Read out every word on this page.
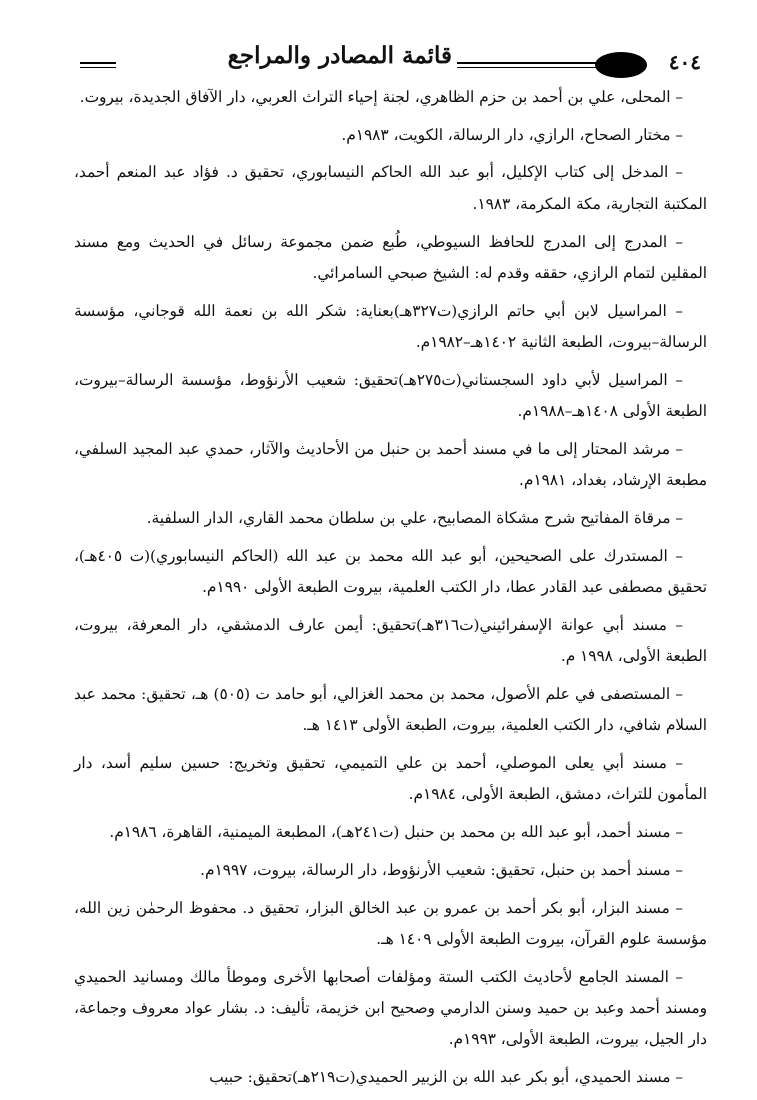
٤٠٤
قائمة المصادر والمراجع

– المحلى، علي بن أحمد بن حزم الظاهري، لجنة إحياء التراث العربي، دار الآفاق الجديدة، بيروت.

– مختار الصحاح، الرازي، دار الرسالة، الكويت، ١٩٨٣م.

– المدخل إلى كتاب الإكليل، أبو عبد الله الحاكم النيسابوري، تحقيق د. فؤاد عبد المنعم أحمد، المكتبة التجارية، مكة المكرمة، ١٩٨٣.

– المدرج إلى المدرج للحافظ السيوطي، طُبع ضمن مجموعة رسائل في الحديث ومع مسند المقلين لتمام الرازي، حققه وقدم له: الشيخ صبحي السامرائي.

– المراسيل لابن أبي حاتم الرازي(ت٣٢٧هـ)بعناية: شكر الله بن نعمة الله قوجاني، مؤسسة الرسالة–بيروت، الطبعة الثانية ١٤٠٢هـ–١٩٨٢م.

– المراسيل لأبي داود السجستاني(ت٢٧٥هـ)تحقيق: شعيب الأرنؤوط، مؤسسة الرسالة–بيروت، الطبعة الأولى ١٤٠٨هـ–١٩٨٨م.

– مرشد المحتار إلى ما في مسند أحمد بن حنبل من الأحاديث والآثار، حمدي عبد المجيد السلفي، مطبعة الإرشاد، بغداد، ١٩٨١م.

– مرقاة المفاتيح شرح مشكاة المصابيح، علي بن سلطان محمد القاري، الدار السلفية.

– المستدرك على الصحيحين، أبو عبد الله محمد بن عبد الله (الحاكم النيسابوري)(ت ٤٠٥هـ)، تحقيق مصطفى عبد القادر عطا، دار الكتب العلمية، بيروت الطبعة الأولى ١٩٩٠م.

– مسند أبي عوانة الإسفرائيني(ت٣١٦هـ)تحقيق: أيمن عارف الدمشقي، دار المعرفة، بيروت، الطبعة الأولى، ١٩٩٨ م.

– المستصفى في علم الأصول، محمد بن محمد الغزالي، أبو حامد ت (٥٠٥) هـ، تحقيق: محمد عبد السلام شافي، دار الكتب العلمية، بيروت، الطبعة الأولى ١٤١٣ هـ.

– مسند أبي يعلى الموصلي، أحمد بن علي التميمي، تحقيق وتخريج: حسين سليم أسد، دار المأمون للتراث، دمشق، الطبعة الأولى، ١٩٨٤م.

– مسند أحمد، أبو عبد الله بن محمد بن حنبل (ت٢٤١هـ)، المطبعة الميمنية، القاهرة، ١٩٨٦م.

– مسند أحمد بن حنبل، تحقيق: شعيب الأرنؤوط، دار الرسالة، بيروت، ١٩٩٧م.

– مسند البزار، أبو بكر أحمد بن عمرو بن عبد الخالق البزار، تحقيق د. محفوظ الرحمٰن زين الله، مؤسسة علوم القرآن، بيروت الطبعة الأولى ١٤٠٩ هـ.

– المسند الجامع لأحاديث الكتب الستة ومؤلفات أصحابها الأخرى وموطأ مالك ومسانيد الحميدي ومسند أحمد وعبد بن حميد وسنن الدارمي وصحيح ابن خزيمة، تأليف: د. بشار عواد معروف وجماعة، دار الجيل، بيروت، الطبعة الأولى، ١٩٩٣م.

– مسند الحميدي، أبو بكر عبد الله بن الزبير الحميدي(ت٢١٩هـ)تحقيق: حبيب
